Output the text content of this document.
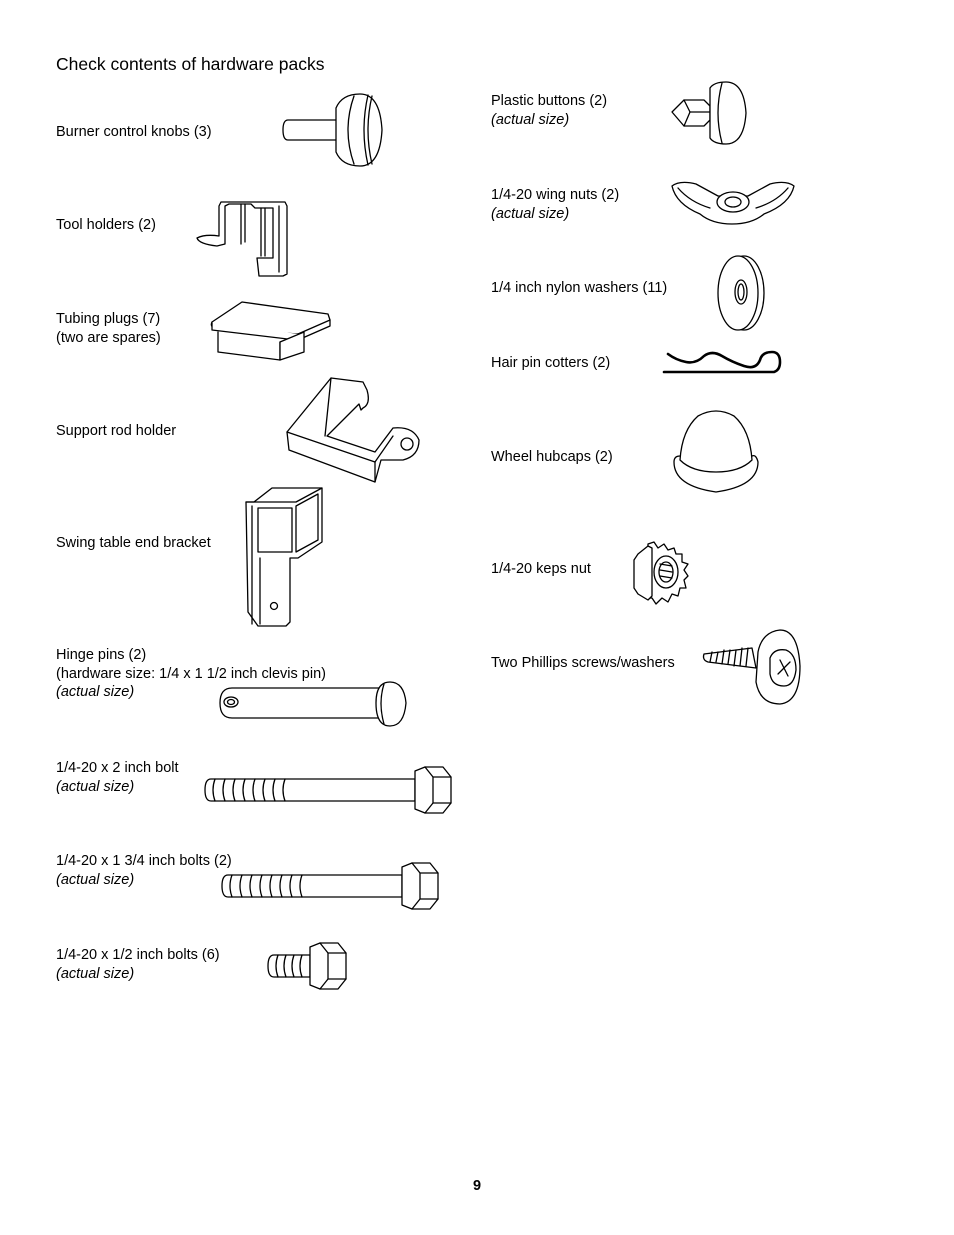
Check contents of hardware packs
Burner control knobs (3)
Tool holders (2)
Tubing plugs (7)
(two are spares)
Support rod holder
Swing table end bracket
Hinge pins (2)
(hardware size: 1/4 x 1 1/2 inch clevis pin)
(actual size)
1/4-20 x 2 inch bolt
(actual size)
1/4-20 x 1 3/4 inch bolts (2)
(actual size)
1/4-20 x 1/2 inch bolts (6)
(actual size)
Plastic buttons (2)
(actual size)
1/4-20 wing nuts (2)
(actual size)
1/4 inch nylon washers (11)
Hair pin cotters (2)
Wheel hubcaps (2)
1/4-20 keps nut
Two Phillips screws/washers
9
